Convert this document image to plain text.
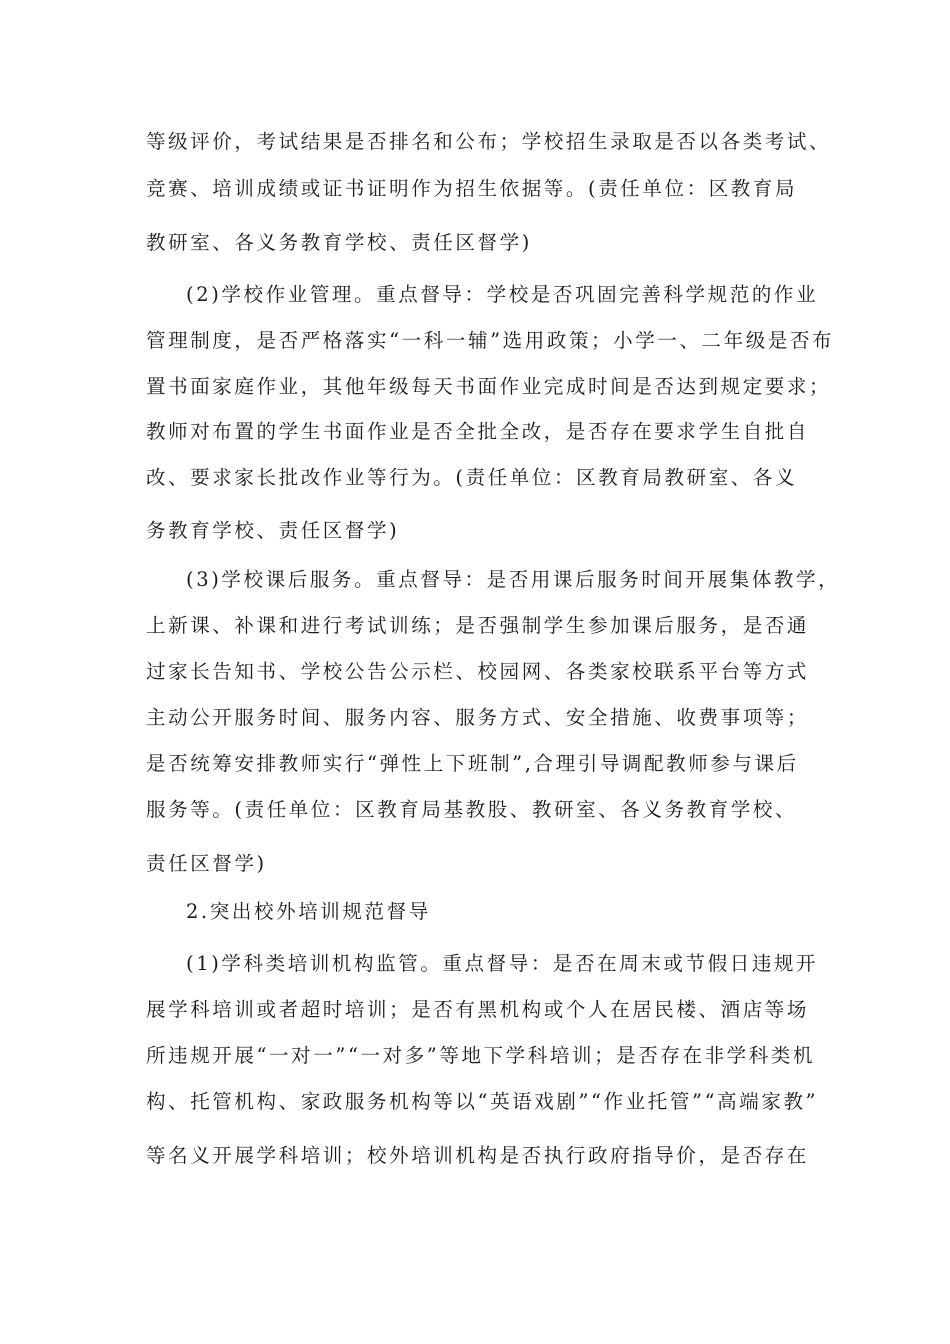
等级评价，考试结果是否排名和公布；学校招生录取是否以各类考试、
竞赛、培训成绩或证书证明作为招生依据等。(责任单位：区教育局
教研室、各义务教育学校、责任区督学)
(2)学校作业管理。重点督导：学校是否巩固完善科学规范的作业
管理制度，是否严格落实“一科一辅”选用政策；小学一、二年级是否布
置书面家庭作业，其他年级每天书面作业完成时间是否达到规定要求；
教师对布置的学生书面作业是否全批全改，是否存在要求学生自批自
改、要求家长批改作业等行为。(责任单位：区教育局教研室、各义
务教育学校、责任区督学)
(3)学校课后服务。重点督导：是否用课后服务时间开展集体教学，
上新课、补课和进行考试训练；是否强制学生参加课后服务，是否通
过家长告知书、学校公告公示栏、校园网、各类家校联系平台等方式
主动公开服务时间、服务内容、服务方式、安全措施、收费事项等；
是否统筹安排教师实行“弹性上下班制”,合理引导调配教师参与课后
服务等。(责任单位：区教育局基教股、教研室、各义务教育学校、
责任区督学)
2.突出校外培训规范督导
(1)学科类培训机构监管。重点督导：是否在周末或节假日违规开
展学科培训或者超时培训；是否有黑机构或个人在居民楼、酒店等场
所违规开展“一对一”“一对多”等地下学科培训；是否存在非学科类机
构、托管机构、家政服务机构等以“英语戏剧”“作业托管”“高端家教”
等名义开展学科培训；校外培训机构是否执行政府指导价，是否存在
